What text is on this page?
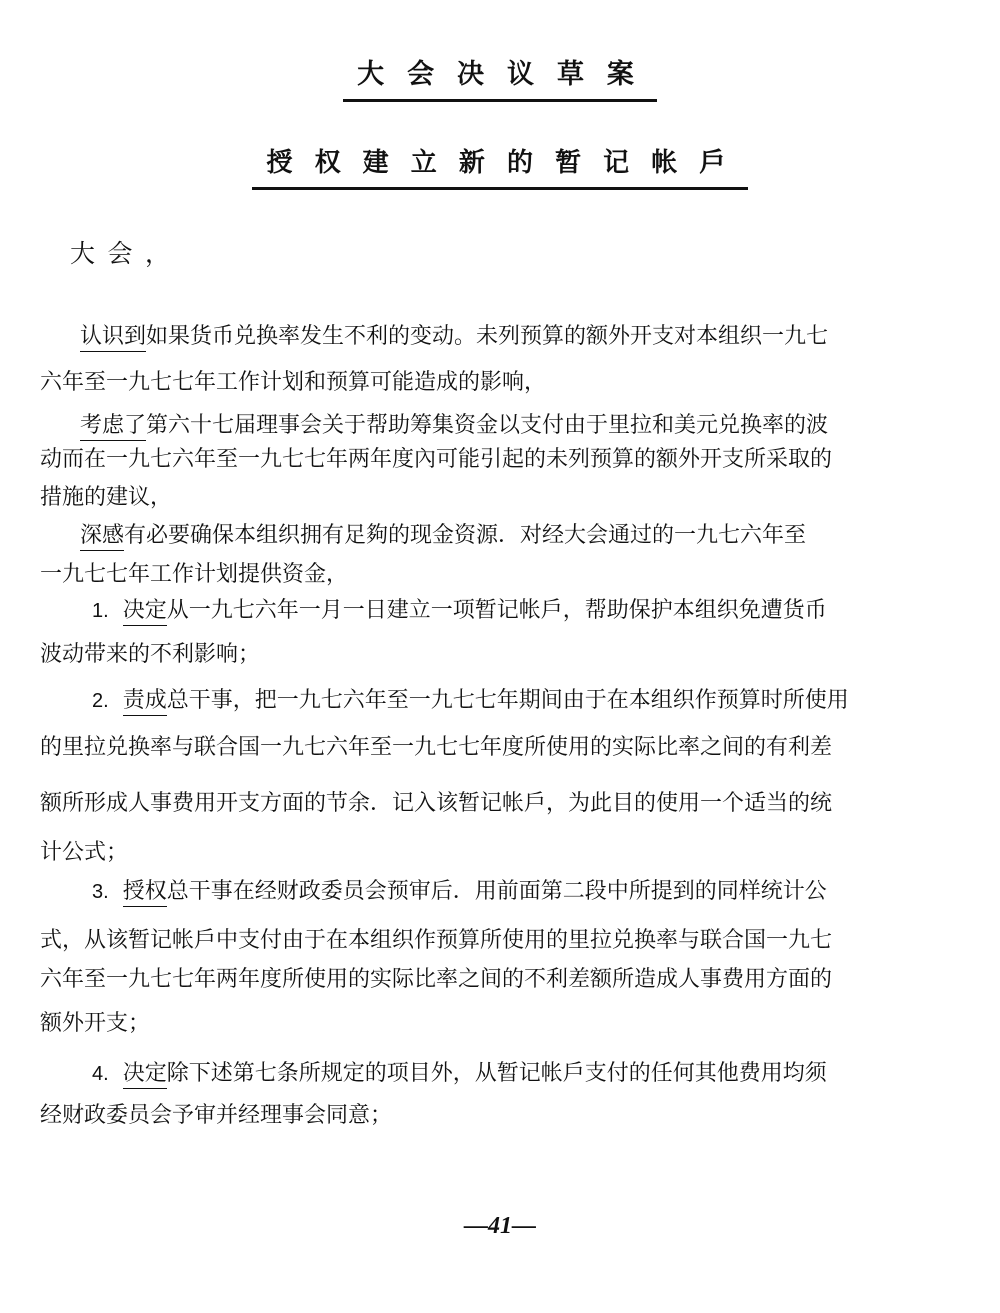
大会决议草案
授权建立新的暂记帐戶
大会，
认识到如果货币兑换率发生不利的变动。未列预算的额外开支对本组织一九七
六年至一九七七年工作计划和预算可能造成的影响，
考虑了第六十七届理事会关于帮助筹集资金以支付由于里拉和美元兑换率的波
动而在一九七六年至一九七七年两年度內可能引起的未列预算的额外开支所采取的
措施的建议，
深感有必要确保本组织拥有足夠的现金资源．对经大会通过的一九七六年至
一九七七年工作计划提供资金，
1. 决定从一九七六年一月一日建立一项暂记帐戶，帮助保护本组织免遭货币
波动带来的不利影响；
2. 责成总干事，把一九七六年至一九七七年期间由于在本组织作预算时所使用
的里拉兑换率与联合国一九七六年至一九七七年度所使用的实际比率之间的有利差
额所形成人事费用开支方面的节余．记入该暂记帐戶，为此目的使用一个适当的统
计公式；
3. 授权总干事在经财政委员会预审后．用前面第二段中所提到的同样统计公
式，从该暂记帐戶中支付由于在本组织作预算所使用的里拉兑换率与联合国一九七
六年至一九七七年两年度所使用的实际比率之间的不利差额所造成人事费用方面的
额外开支；
4. 决定除下述第七条所规定的项目外，从暂记帐戶支付的任何其他费用均须
经财政委员会予审并经理事会同意；
—41—
